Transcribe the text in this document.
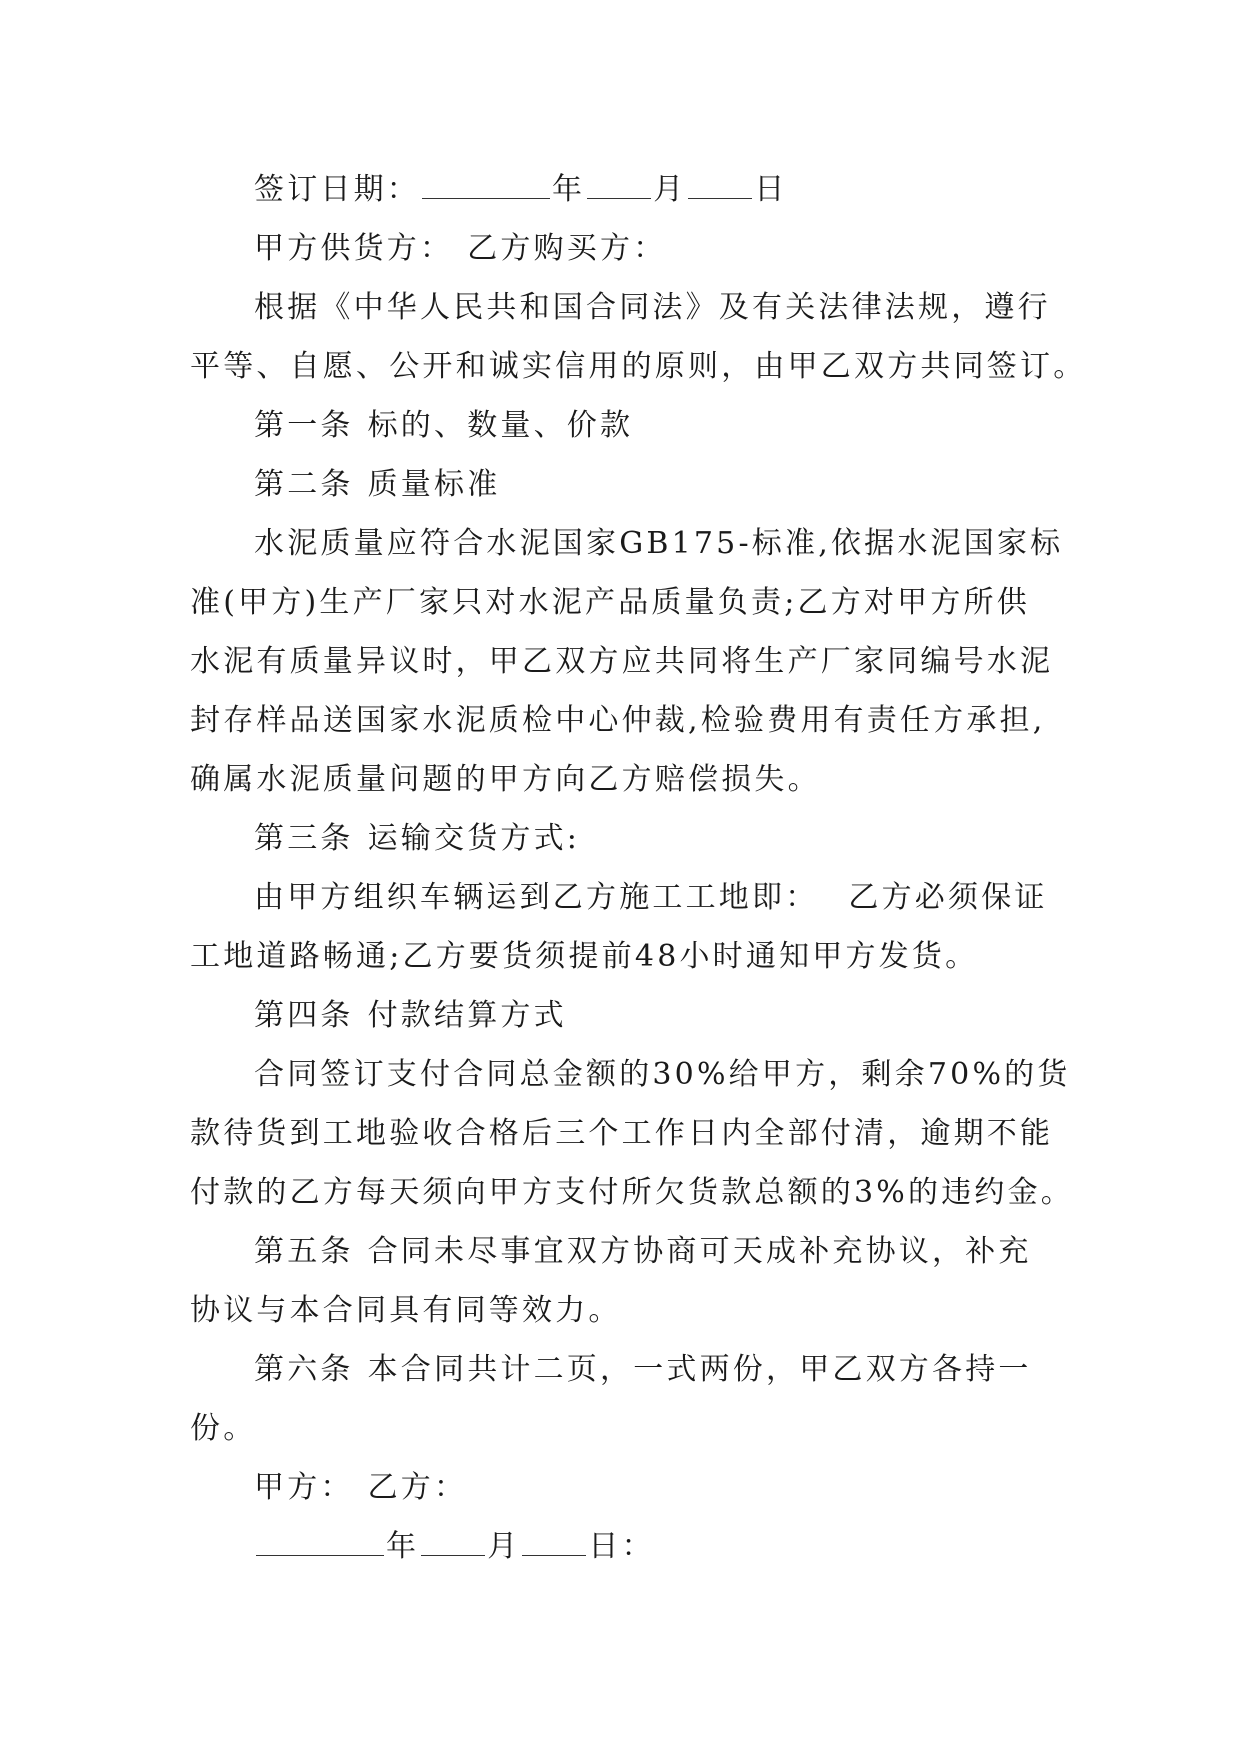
签订日期：	年 月 日
甲方供货方： 乙方购买方：
根据《中华人民共和国合同法》及有关法律法规，遵行
平等、自愿、公开和诚实信用的原则，由甲乙双方共同签订。
第一条 标的、数量、价款
第二条 质量标准
水泥质量应符合水泥国家GB175-标准,依据水泥国家标
准(甲方)生产厂家只对水泥产品质量负责;乙方对甲方所供
水泥有质量异议时，甲乙双方应共同将生产厂家同编号水泥
封存样品送国家水泥质检中心仲裁,检验费用有责任方承担,
确属水泥质量问题的甲方向乙方赔偿损失。
第三条 运输交货方式:
由甲方组织车辆运到乙方施工工地即： 乙方必须保证
工地道路畅通;乙方要货须提前48小时通知甲方发货。
第四条 付款结算方式
合同签订支付合同总金额的30%给甲方，剩余70%的货
款待货到工地验收合格后三个工作日内全部付清，逾期不能
付款的乙方每天须向甲方支付所欠货款总额的3%的违约金。
第五条 合同未尽事宜双方协商可天成补充协议，补充
协议与本合同具有同等效力。
第六条 本合同共计二页，一式两份，甲乙双方各持一
份。
甲方： 乙方：
年 月 日：
